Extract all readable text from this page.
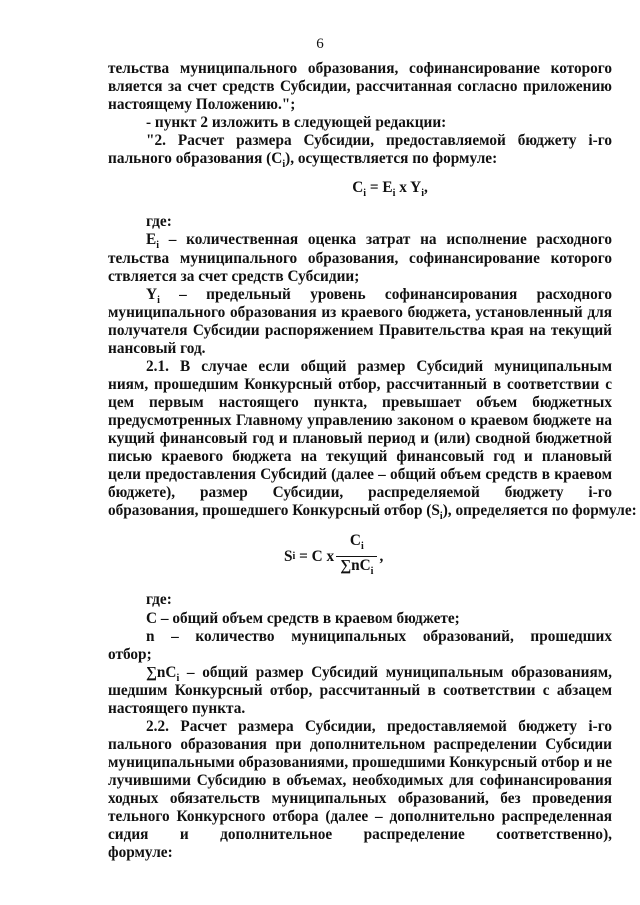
6
тельства муниципального образования, софинансирование которого
вляется за счет средств Субсидии, рассчитанная согласно приложению
настоящему Положению.";
- пункт 2 изложить в следующей редакции:
"2. Расчет размера Субсидии, предоставляемой бюджету i-го
пального образования $(C_i)$, осуществляется по формуле:
$C_i = E_i$ x $Y_i$,
где:
$E_i$ – количественная оценка затрат на исполнение расходного
тельства муниципального образования, софинансирование которого
ствляется за счет средств Субсидии;
$Y_i$ – предельный уровень софинансирования расходного
муниципального образования из краевого бюджета, установленный для
получателя Субсидии распоряжением Правительства края на текущий
нансовый год.
2.1. В случае если общий размер Субсидий муниципальным
ниям, прошедшим Конкурсный отбор, рассчитанный в соответствии с
цем первым настоящего пункта, превышает объем бюджетных
предусмотренных Главному управлению законом о краевом бюджете на
кущий финансовый год и плановый период и (или) сводной бюджетной
писью краевого бюджета на текущий финансовый год и плановый
цели предоставления Субсидий (далее – общий объем средств в краевом
бюджете), размер Субсидии, распределяемой бюджету i-го
образования, прошедшего Конкурсный отбор $(S_i)$, определяется по формуле:
S i = C x $\frac{C_i}{\sum nC_i}$ ,
где:
C – общий объем средств в краевом бюджете;
n – количество муниципальных образований, прошедших
отбор;
$\sum nC_i$ – общий размер Субсидий муниципальным образованиям,
шедшим Конкурсный отбор, рассчитанный в соответствии с абзацем
настоящего пункта.
2.2. Расчет размера Субсидии, предоставляемой бюджету i-го
пального образования при дополнительном распределении Субсидии
муниципальными образованиями, прошедшими Конкурсный отбор и не
лучившими Субсидию в объемах, необходимых для софинансирования
ходных обязательств муниципальных образований, без проведения
тельного Конкурсного отбора (далее – дополнительно распределенная
сидия и дополнительное распределение соответственно),
формуле:
